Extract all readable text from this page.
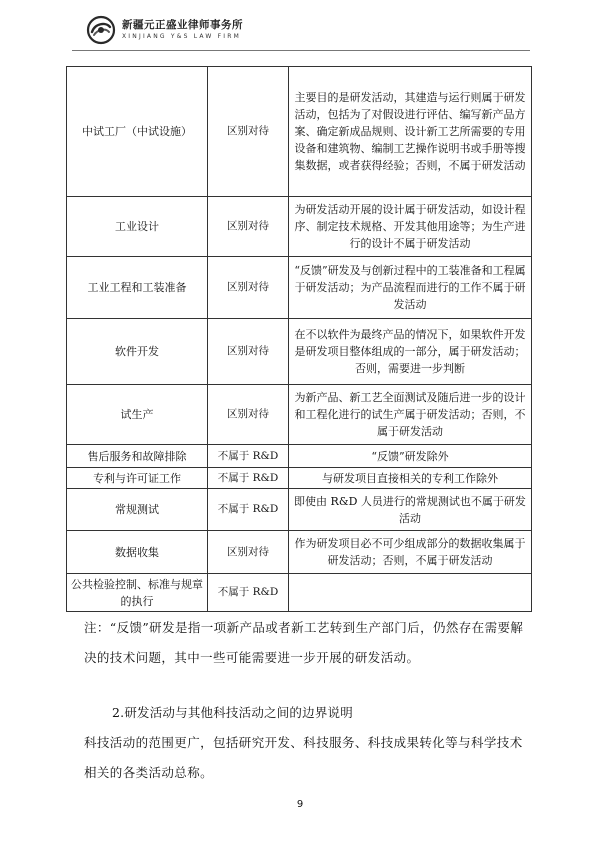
新疆元正盛业律师事务所
XINJIANG Y&S LAW FIRM
中试工厂（中试设施）	区别对待	主要目的是研发活动，其建造与运行则属于研发活动，包括为了对假设进行评估、编写新产品方案、确定新成品规则、设计新工艺所需要的专用设备和建筑物、编制工艺操作说明书或手册等搜集数据，或者获得经验；否则，不属于研发活动
工业设计	区别对待	为研发活动开展的设计属于研发活动，如设计程序、制定技术规格、开发其他用途等；为生产进行的设计不属于研发活动
工业工程和工装准备	区别对待	“反馈”研发及与创新过程中的工装准备和工程属于研发活动；为产品流程而进行的工作不属于研发活动
软件开发	区别对待	在不以软件为最终产品的情况下，如果软件开发是研发项目整体组成的一部分，属于研发活动；否则，需要进一步判断
试生产	区别对待	为新产品、新工艺全面测试及随后进一步的设计和工程化进行的试生产属于研发活动；否则，不属于研发活动
售后服务和故障排除	不属于 R&D	“反馈”研发除外
专利与许可证工作	不属于 R&D	与研发项目直接相关的专利工作除外
常规测试	不属于 R&D	即使由 R&D 人员进行的常规测试也不属于研发活动
数据收集	区别对待	作为研发项目必不可少组成部分的数据收集属于研发活动；否则，不属于研发活动
公共检验控制、标准与规章的执行	不属于 R&D	
注：“反馈”研发是指一项新产品或者新工艺转到生产部门后，仍然存在需要解决的技术问题，其中一些可能需要进一步开展的研发活动。
2.研发活动与其他科技活动之间的边界说明
科技活动的范围更广，包括研究开发、科技服务、科技成果转化等与科学技术相关的各类活动总称。
9
